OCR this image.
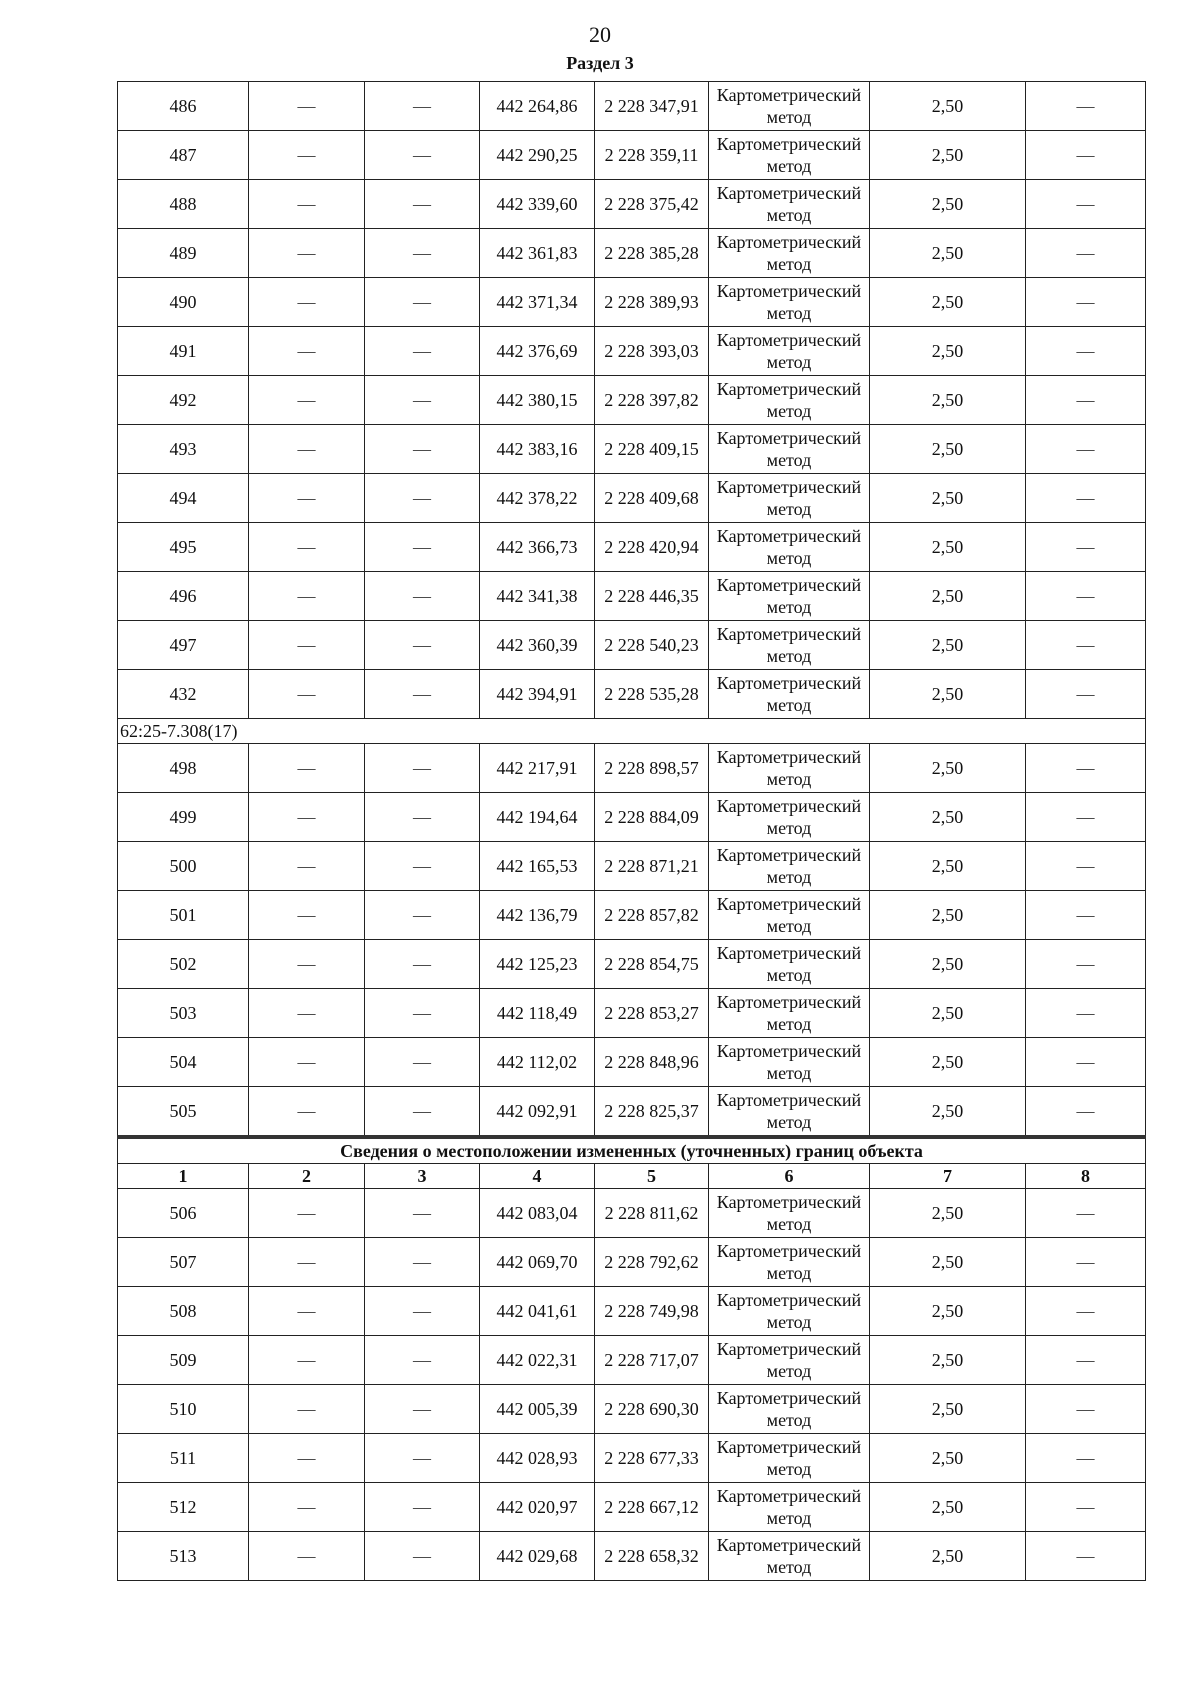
20
Раздел 3
486	—	—	442 264,86	2 228 347,91	Картометрический метод	2,50	—
487	—	—	442 290,25	2 228 359,11	Картометрический метод	2,50	—
488	—	—	442 339,60	2 228 375,42	Картометрический метод	2,50	—
489	—	—	442 361,83	2 228 385,28	Картометрический метод	2,50	—
490	—	—	442 371,34	2 228 389,93	Картометрический метод	2,50	—
491	—	—	442 376,69	2 228 393,03	Картометрический метод	2,50	—
492	—	—	442 380,15	2 228 397,82	Картометрический метод	2,50	—
493	—	—	442 383,16	2 228 409,15	Картометрический метод	2,50	—
494	—	—	442 378,22	2 228 409,68	Картометрический метод	2,50	—
495	—	—	442 366,73	2 228 420,94	Картометрический метод	2,50	—
496	—	—	442 341,38	2 228 446,35	Картометрический метод	2,50	—
497	—	—	442 360,39	2 228 540,23	Картометрический метод	2,50	—
432	—	—	442 394,91	2 228 535,28	Картометрический метод	2,50	—
62:25-7.308(17)							
498	—	—	442 217,91	2 228 898,57	Картометрический метод	2,50	—
499	—	—	442 194,64	2 228 884,09	Картометрический метод	2,50	—
500	—	—	442 165,53	2 228 871,21	Картометрический метод	2,50	—
501	—	—	442 136,79	2 228 857,82	Картометрический метод	2,50	—
502	—	—	442 125,23	2 228 854,75	Картометрический метод	2,50	—
503	—	—	442 118,49	2 228 853,27	Картометрический метод	2,50	—
504	—	—	442 112,02	2 228 848,96	Картометрический метод	2,50	—
505	—	—	442 092,91	2 228 825,37	Картометрический метод	2,50	—
Сведения о местоположении измененных (уточненных) границ объекта							
1	2	3	4	5	6	7	8
506	—	—	442 083,04	2 228 811,62	Картометрический метод	2,50	—
507	—	—	442 069,70	2 228 792,62	Картометрический метод	2,50	—
508	—	—	442 041,61	2 228 749,98	Картометрический метод	2,50	—
509	—	—	442 022,31	2 228 717,07	Картометрический метод	2,50	—
510	—	—	442 005,39	2 228 690,30	Картометрический метод	2,50	—
511	—	—	442 028,93	2 228 677,33	Картометрический метод	2,50	—
512	—	—	442 020,97	2 228 667,12	Картометрический метод	2,50	—
513	—	—	442 029,68	2 228 658,32	Картометрический метод	2,50	—
